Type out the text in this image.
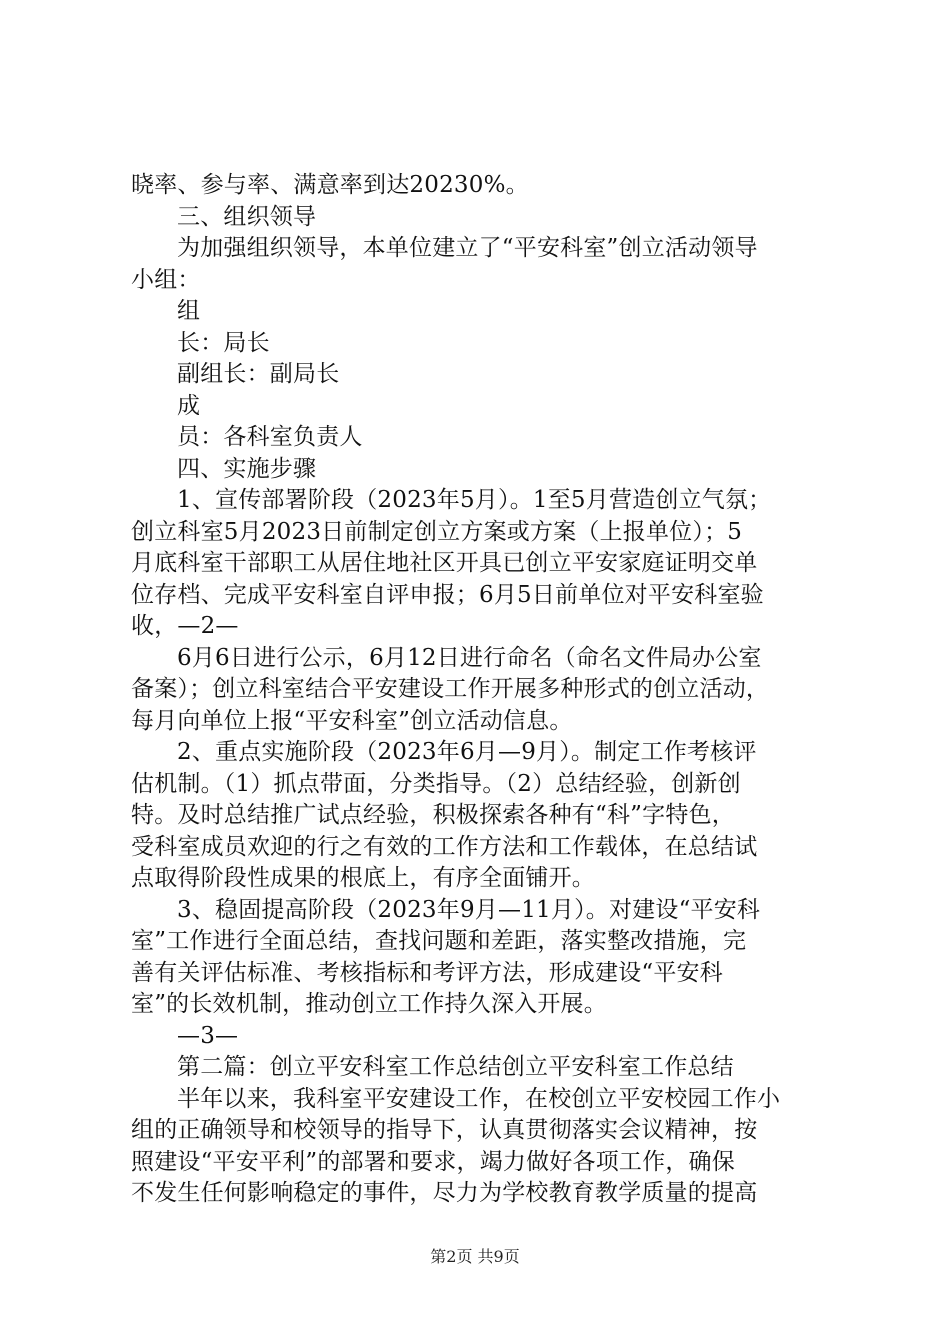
晓率、参与率、满意率到达20230%。
三、组织领导
为加强组织领导，本单位建立了“平安科室”创立活动领导
小组：
组
长：局长
副组长：副局长
成
员：各科室负责人
四、实施步骤
1、宣传部署阶段（2023年5月）。1至5月营造创立气氛；
创立科室5月2023日前制定创立方案或方案（上报单位）；5
月底科室干部职工从居住地社区开具已创立平安家庭证明交单
位存档、完成平安科室自评申报；6月5日前单位对平安科室验
收，—2—
6月6日进行公示，6月12日进行命名（命名文件局办公室
备案）；创立科室结合平安建设工作开展多种形式的创立活动，
每月向单位上报“平安科室”创立活动信息。
2、重点实施阶段（2023年6月—9月）。制定工作考核评
估机制。（1）抓点带面，分类指导。（2）总结经验，创新创
特。及时总结推广试点经验，积极探索各种有“科”字特色，
受科室成员欢迎的行之有效的工作方法和工作载体，在总结试
点取得阶段性成果的根底上，有序全面铺开。
3、稳固提高阶段（2023年9月—11月）。对建设“平安科
室”工作进行全面总结，查找问题和差距，落实整改措施，完
善有关评估标准、考核指标和考评方法，形成建设“平安科
室”的长效机制，推动创立工作持久深入开展。
—3—
第二篇：创立平安科室工作总结创立平安科室工作总结
半年以来，我科室平安建设工作，在校创立平安校园工作小
组的正确领导和校领导的指导下，认真贯彻落实会议精神，按
照建设“平安平利”的部署和要求，竭力做好各项工作，确保
不发生任何影响稳定的事件，尽力为学校教育教学质量的提高
第2页 共9页
